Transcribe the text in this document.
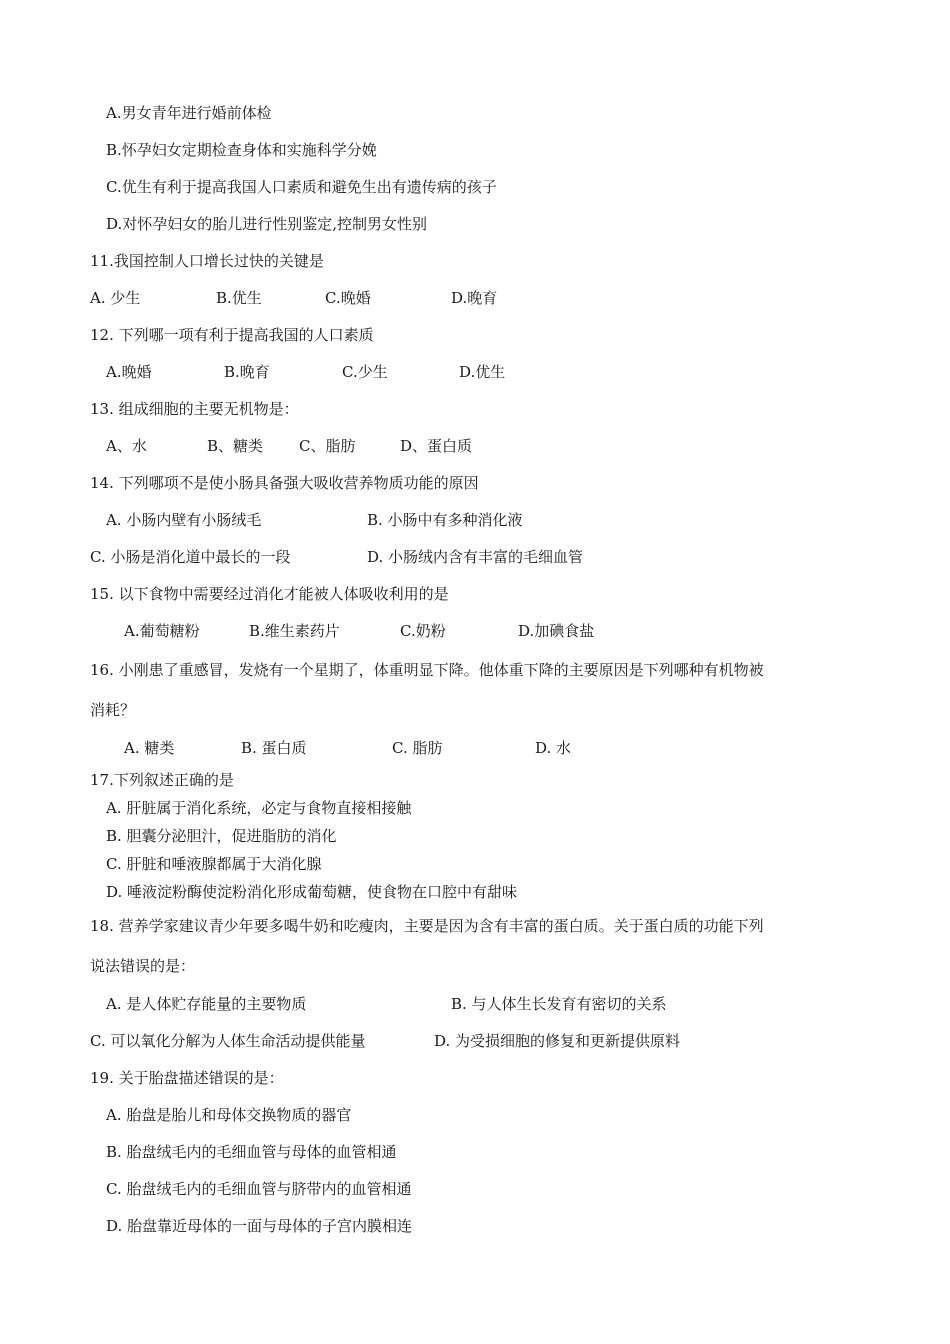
A.男女青年进行婚前体检
B.怀孕妇女定期检查身体和实施科学分娩
C.优生有利于提高我国人口素质和避免生出有遗传病的孩子
D.对怀孕妇女的胎儿进行性别鉴定,控制男女性别
11.我国控制人口增长过快的关键是
A. 少生	B.优生	C.晚婚	D.晚育
12. 下列哪一项有利于提高我国的人口素质
A.晚婚	B.晚育	C.少生	D.优生
13. 组成细胞的主要无机物是：
A、水	B、糖类 C、脂肪	D、蛋白质
14. 下列哪项不是使小肠具备强大吸收营养物质功能的原因
A. 小肠内壁有小肠绒毛	B. 小肠中有多种消化液
C. 小肠是消化道中最长的一段	D. 小肠绒内含有丰富的毛细血管
15. 以下食物中需要经过消化才能被人体吸收利用的是
A.葡萄糖粉	B.维生素药片	C.奶粉	D.加碘食盐
16. 小刚患了重感冒，发烧有一个星期了，体重明显下降。他体重下降的主要原因是下列哪种有机物被
消耗？
A. 糖类	B. 蛋白质	C. 脂肪	D. 水
17.下列叙述正确的是
A. 肝脏属于消化系统，必定与食物直接相接触
B. 胆囊分泌胆汁，促进脂肪的消化
C. 肝脏和唾液腺都属于大消化腺
D. 唾液淀粉酶使淀粉消化形成葡萄糖，使食物在口腔中有甜味
18. 营养学家建议青少年要多喝牛奶和吃瘦肉，主要是因为含有丰富的蛋白质。关于蛋白质的功能下列
说法错误的是：
A. 是人体贮存能量的主要物质	B. 与人体生长发育有密切的关系
C. 可以氧化分解为人体生命活动提供能量	D. 为受损细胞的修复和更新提供原料
19. 关于胎盘描述错误的是：
A. 胎盘是胎儿和母体交换物质的器官
B. 胎盘绒毛内的毛细血管与母体的血管相通
C. 胎盘绒毛内的毛细血管与脐带内的血管相通
D. 胎盘靠近母体的一面与母体的子宫内膜相连
